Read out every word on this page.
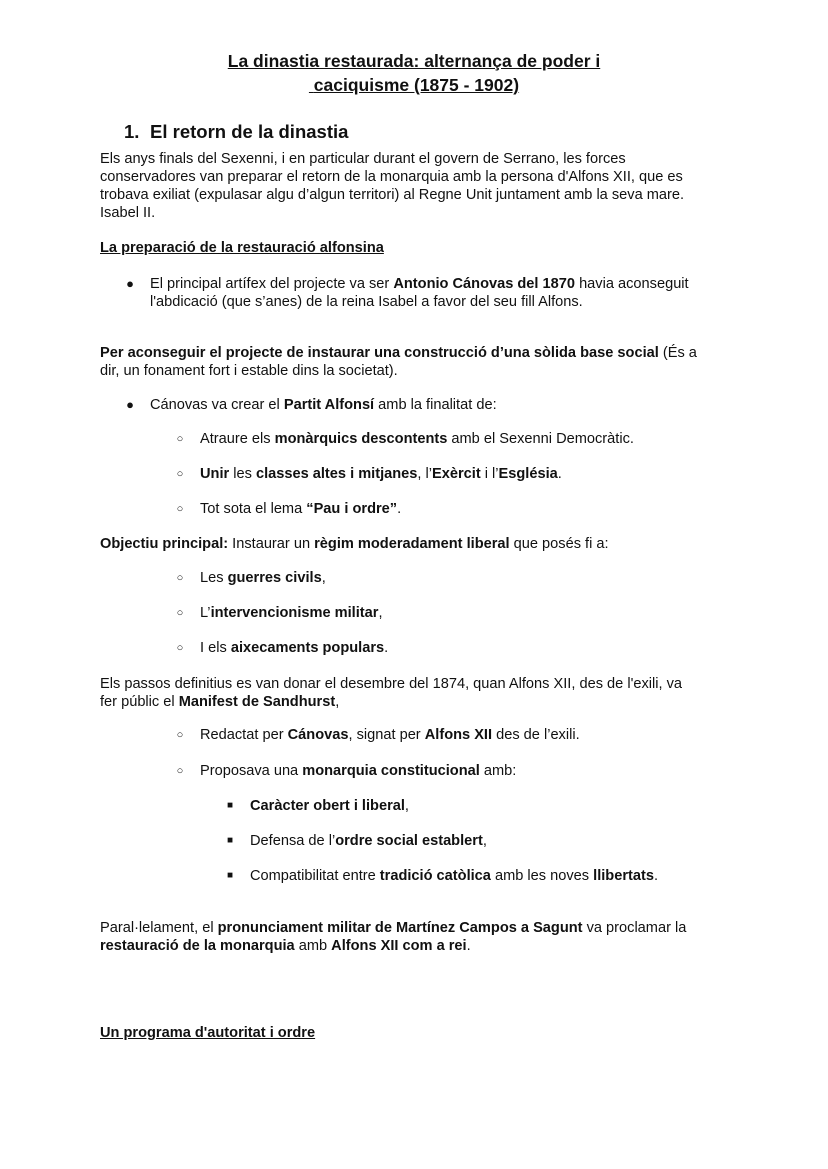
La dinastia restaurada: alternança de poder i
caciquisme (1875 - 1902)
1. El retorn de la dinastia
Els anys finals del Sexenni, i en particular durant el govern de Serrano, les forces
conservadores van preparar el retorn de la monarquia amb la persona d'Alfons XII, que es
trobava exiliat (expulasar algu d’algun territori) al Regne Unit juntament amb la seva mare.
Isabel II.
La preparació de la restauració alfonsina
●	El principal artífex del projecte va ser Antonio Cánovas del 1870 havia aconseguit
l'abdicació (que s’anes) de la reina Isabel a favor del seu fill Alfons.
Per aconseguir el projecte de instaurar una construcció d’una sòlida base social (És a
dir, un fonament fort i estable dins la societat).
●	Cánovas va crear el Partit Alfonsí amb la finalitat de:
○	Atraure els monàrquics descontents amb el Sexenni Democràtic.
○	Unir les classes altes i mitjanes, l’Exèrcit i l’Església.
○	Tot sota el lema “Pau i ordre”.
Objectiu principal: Instaurar un règim moderadament liberal que posés fi a:
○	Les guerres civils,
○	L’intervencionisme militar,
○	I els aixecaments populars.
Els passos definitius es van donar el desembre del 1874, quan Alfons XII, des de l'exili, va
fer públic el Manifest de Sandhurst,
○	Redactat per Cánovas, signat per Alfons XII des de l’exili.
○	Proposava una monarquia constitucional amb:
■	Caràcter obert i liberal,
■	Defensa de l’ordre social establert,
■	Compatibilitat entre tradició catòlica amb les noves llibertats.
Paral·lelament, el pronunciament militar de Martínez Campos a Sagunt va proclamar la
restauració de la monarquia amb Alfons XII com a rei.
Un programa d'autoritat i ordre
